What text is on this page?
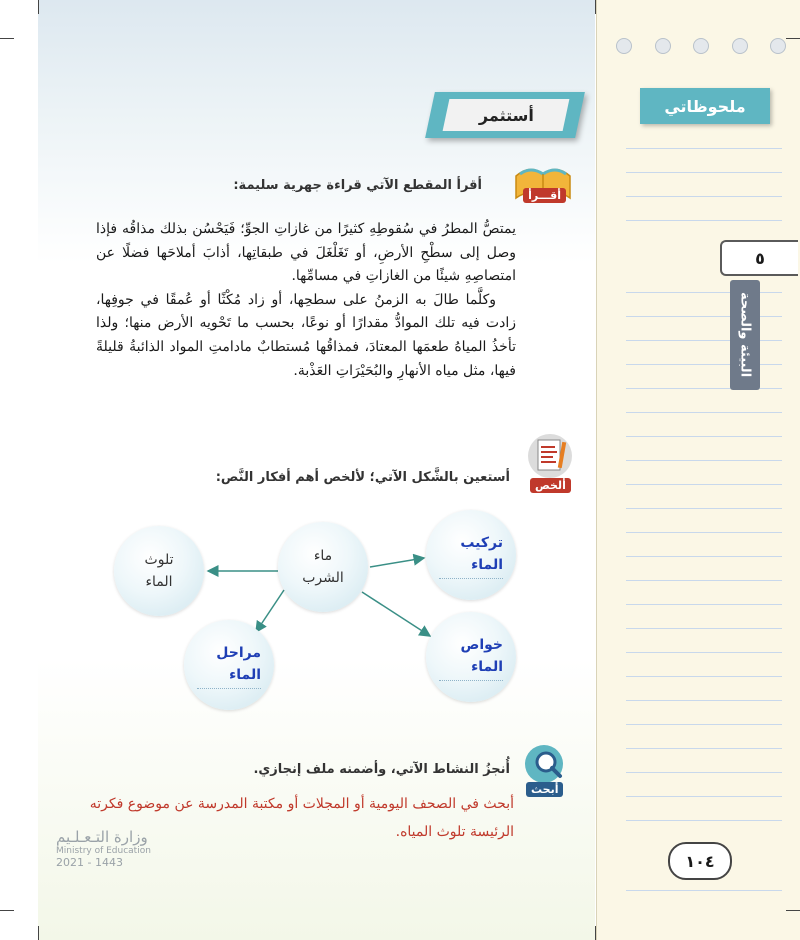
ملحوظاتي
٥
البيئة والصحة
أستثمر
أقـــرأ
أقرأ المقطع الآتي قراءة جهرية سليمة:

يمتصُّ المطرُ في سُقوطِهِ كثيرًا من غازاتِ الجوِّ؛ فَيَحْسُن بذلك مذاقُه فإذا وصل إلى سطْحِ الأرضِ، أو تَغَلْغَلَ في طبقاتِها، أذابَ أملاحَها فضلًا عن امتصاصِهِ شيئًا من الغازاتِ في مسامِّها.

وكلَّما طالَ به الزمنُ على سطحِها، أو زاد مُكْثًا أو عُمقًا في جوفِها، زادت فيه تلك الموادُّ مقدارًا أو نوعًا، بحسب ما تَحْويه الأرض منها؛ ولذا تأخذُ المياهُ طعمَها المعتادَ، فمذاقُها مُستطابٌ مادامتِ المواد الذائبةُ قليلةً فيها، مثل مياه الأنهارِ والبُحَيْرَاتِ العَذْبة.

ألخص
أستعين بالشَّكل الآتي؛ لألخص أهم أفكار النَّص:
ماء
الشرب
تلوث
الماء
تركيب
الماء
خواص
الماء
مراحل
الماء
أبحث
أُنجزُ النشاط الآتي، وأضمنه ملف إنجازي.
أبحث في الصحف اليومية أو المجلات أو مكتبة المدرسة عن موضوع فكرته الرئيسة تلوث المياه.
وزارة التـعـلـيم
Ministry of Education
2021 - 1443	١٠٤
